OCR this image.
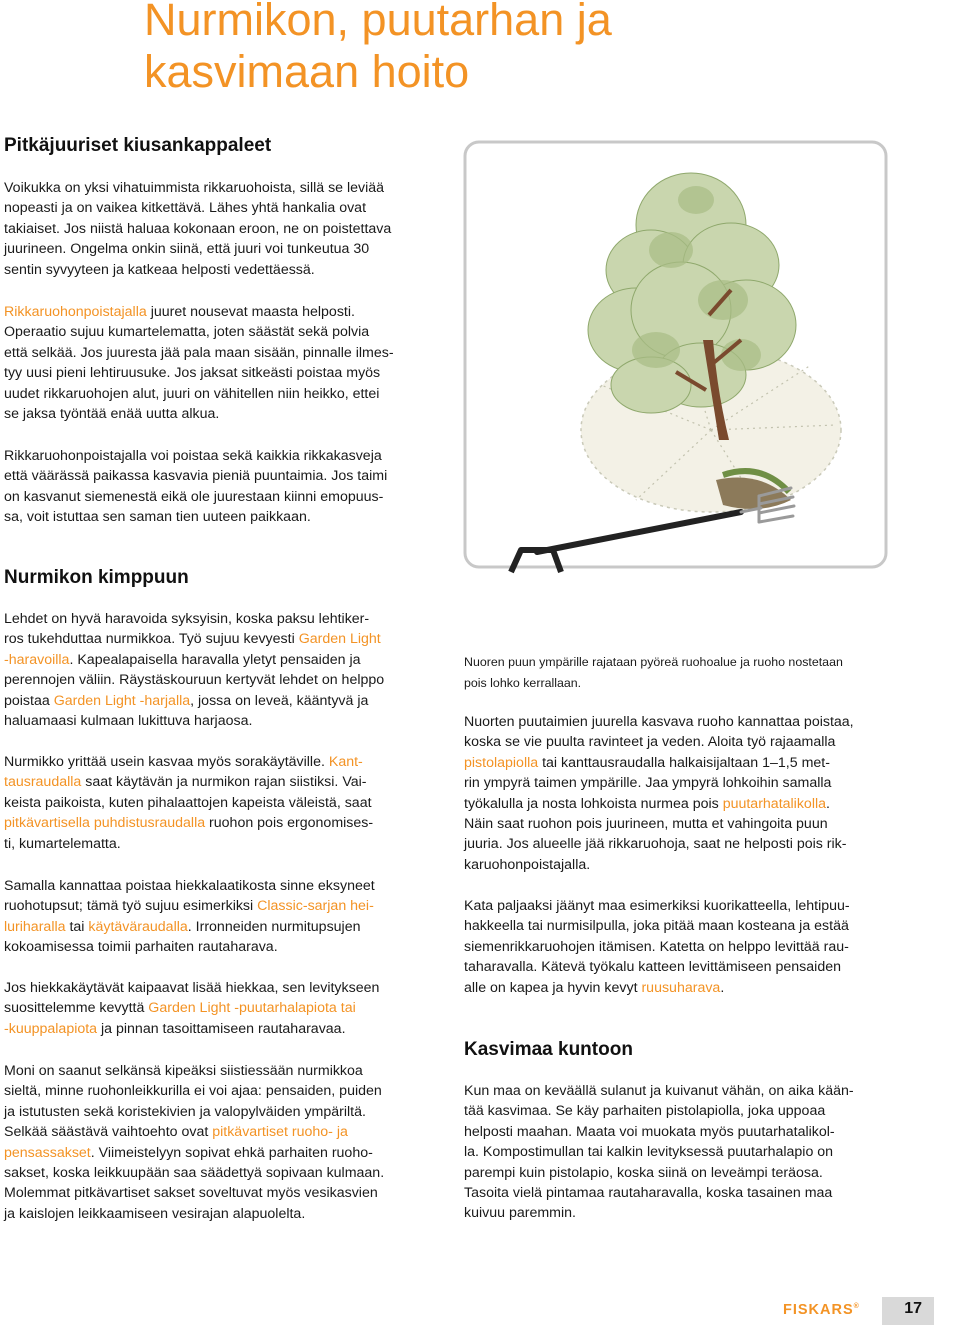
Nurmikon, puutarhan ja
kasvimaan hoito
Pitkäjuuriset kiusankappaleet
Voikukka on yksi vihatuimmista rikkaruohoista, sillä se leviää
nopeasti ja on vaikea kitkettävä. Lähes yhtä hankalia ovat
takiaiset. Jos niistä haluaa kokonaan eroon, ne on poistettava
juurineen. Ongelma onkin siinä, että juuri voi tunkeutua 30
sentin syvyyteen ja katkeaa helposti vedettäessä.
Rikkaruohonpoistajalla juuret nousevat maasta helposti.
Operaatio sujuu kumartelematta, joten säästät sekä polvia
että selkää. Jos juuresta jää pala maan sisään, pinnalle ilmes-
tyy uusi pieni lehtiruusuke. Jos jaksat sitkeästi poistaa myös
uudet rikkaruohojen alut, juuri on vähitellen niin heikko, ettei
se jaksa työntää enää uutta alkua.
Rikkaruohonpoistajalla voi poistaa sekä kaikkia rikkakasveja
että väärässä paikassa kasvavia pieniä puuntaimia. Jos taimi
on kasvanut siemenestä eikä ole juurestaan kiinni emopuus-
sa, voit istuttaa sen saman tien uuteen paikkaan.
Nurmikon kimppuun
Lehdet on hyvä haravoida syksyisin, koska paksu lehtiker-
ros tukehduttaa nurmikkoa. Työ sujuu kevyesti Garden Light
-haravoilla. Kapealapaisella haravalla yletyt pensaiden ja
perennojen väliin. Räystäskouruun kertyvät lehdet on helppo
poistaa Garden Light -harjalla, jossa on leveä, kääntyvä ja
haluamaasi kulmaan lukittuva harjaosa.
Nurmikko yrittää usein kasvaa myös sorakäytäville. Kant-
tausraudalla saat käytävän ja nurmikon rajan siistiksi. Vai-
keista paikoista, kuten pihalaattojen kapeista väleistä, saat
pitkävartisella puhdistusraudalla ruohon pois ergonomises-
ti, kumartelematta.
Samalla kannattaa poistaa hiekkalaatikosta sinne eksyneet
ruohotupsut; tämä työ sujuu esimerkiksi Classic-sarjan hei-
luriharalla tai käytäväraudalla. Irronneiden nurmitupsujen
kokoamisessa toimii parhaiten rautaharava.
Jos hiekkakäytävät kaipaavat lisää hiekkaa, sen levitykseen
suosittelemme kevyttä Garden Light -puutarhalapiota tai
-kuuppalapiota ja pinnan tasoittamiseen rautaharavaa.
Moni on saanut selkänsä kipeäksi siistiessään nurmikkoa
sieltä, minne ruohonleikkurilla ei voi ajaa: pensaiden, puiden
ja istutusten sekä koristekivien ja valopylväiden ympäriltä.
Selkää säästävä vaihtoehto ovat pitkävartiset ruoho- ja
pensassakset. Viimeistelyyn sopivat ehkä parhaiten ruoho-
sakset, koska leikkuupään saa säädettyä sopivaan kulmaan.
Molemmat pitkävartiset sakset soveltuvat myös vesikasvien
ja kaislojen leikkaamiseen vesirajan alapuolelta.
Nuoren puun ympärille rajataan pyöreä ruohoalue ja ruoho nostetaan
pois lohko kerrallaan.
Nuorten puutaimien juurella kasvava ruoho kannattaa poistaa,
koska se vie puulta ravinteet ja veden. Aloita työ rajaamalla
pistolapiolla tai kanttausraudalla halkaisijaltaan 1–1,5 met-
rin ympyrä taimen ympärille. Jaa ympyrä lohkoihin samalla
työkalulla ja nosta lohkoista nurmea pois puutarhatalikolla.
Näin saat ruohon pois juurineen, mutta et vahingoita puun
juuria. Jos alueelle jää rikkaruohoja, saat ne helposti pois rik-
karuohonpoistajalla.
Kata paljaaksi jäänyt maa esimerkiksi kuorikatteella, lehtipuu-
hakkeella tai nurmisilpulla, joka pitää maan kosteana ja estää
siemenrikkaruohojen itämisen. Katetta on helppo levittää rau-
taharavalla. Kätevä työkalu katteen levittämiseen pensaiden
alle on kapea ja hyvin kevyt ruusuharava.
Kasvimaa kuntoon
Kun maa on keväällä sulanut ja kuivanut vähän, on aika kään-
tää kasvimaa. Se käy parhaiten pistolapiolla, joka uppoaa
helposti maahan. Maata voi muokata myös puutarhatalikol-
la. Kompostimullan tai kalkin levityksessä puutarhalapio on
parempi kuin pistolapio, koska siinä on leveämpi teräosa.
Tasoita vielä pintamaa rautaharavalla, koska tasainen maa
kuivuu paremmin.
FISKARS®	17
